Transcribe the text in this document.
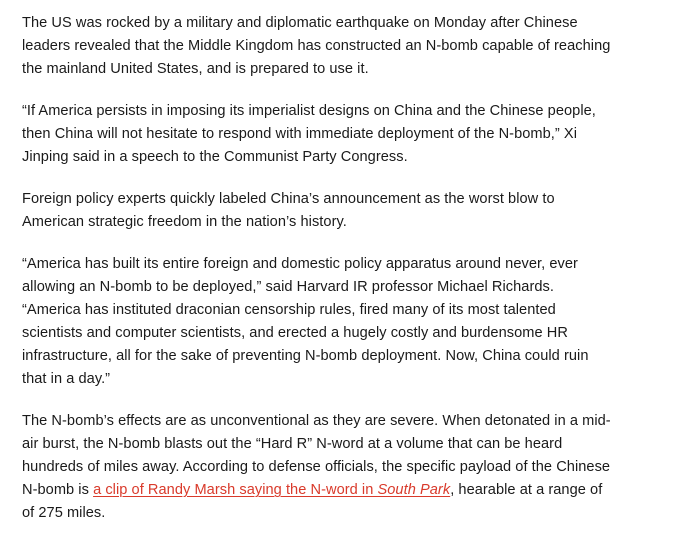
The US was rocked by a military and diplomatic earthquake on Monday after Chinese leaders revealed that the Middle Kingdom has constructed an N-bomb capable of reaching the mainland United States, and is prepared to use it.

“If America persists in imposing its imperialist designs on China and the Chinese people, then China will not hesitate to respond with immediate deployment of the N-bomb,” Xi Jinping said in a speech to the Communist Party Congress.

Foreign policy experts quickly labeled China’s announcement as the worst blow to American strategic freedom in the nation’s history.

“America has built its entire foreign and domestic policy apparatus around never, ever allowing an N-bomb to be deployed,” said Harvard IR professor Michael Richards. “America has instituted draconian censorship rules, fired many of its most talented scientists and computer scientists, and erected a hugely costly and burdensome HR infrastructure, all for the sake of preventing N-bomb deployment. Now, China could ruin that in a day.”

The N-bomb’s effects are as unconventional as they are severe. When detonated in a mid-air burst, the N-bomb blasts out the “Hard R” N-word at a volume that can be heard hundreds of miles away. According to defense officials, the specific payload of the Chinese N-bomb is a clip of Randy Marsh saying the N-word in South Park, hearable at a range of of 275 miles.
